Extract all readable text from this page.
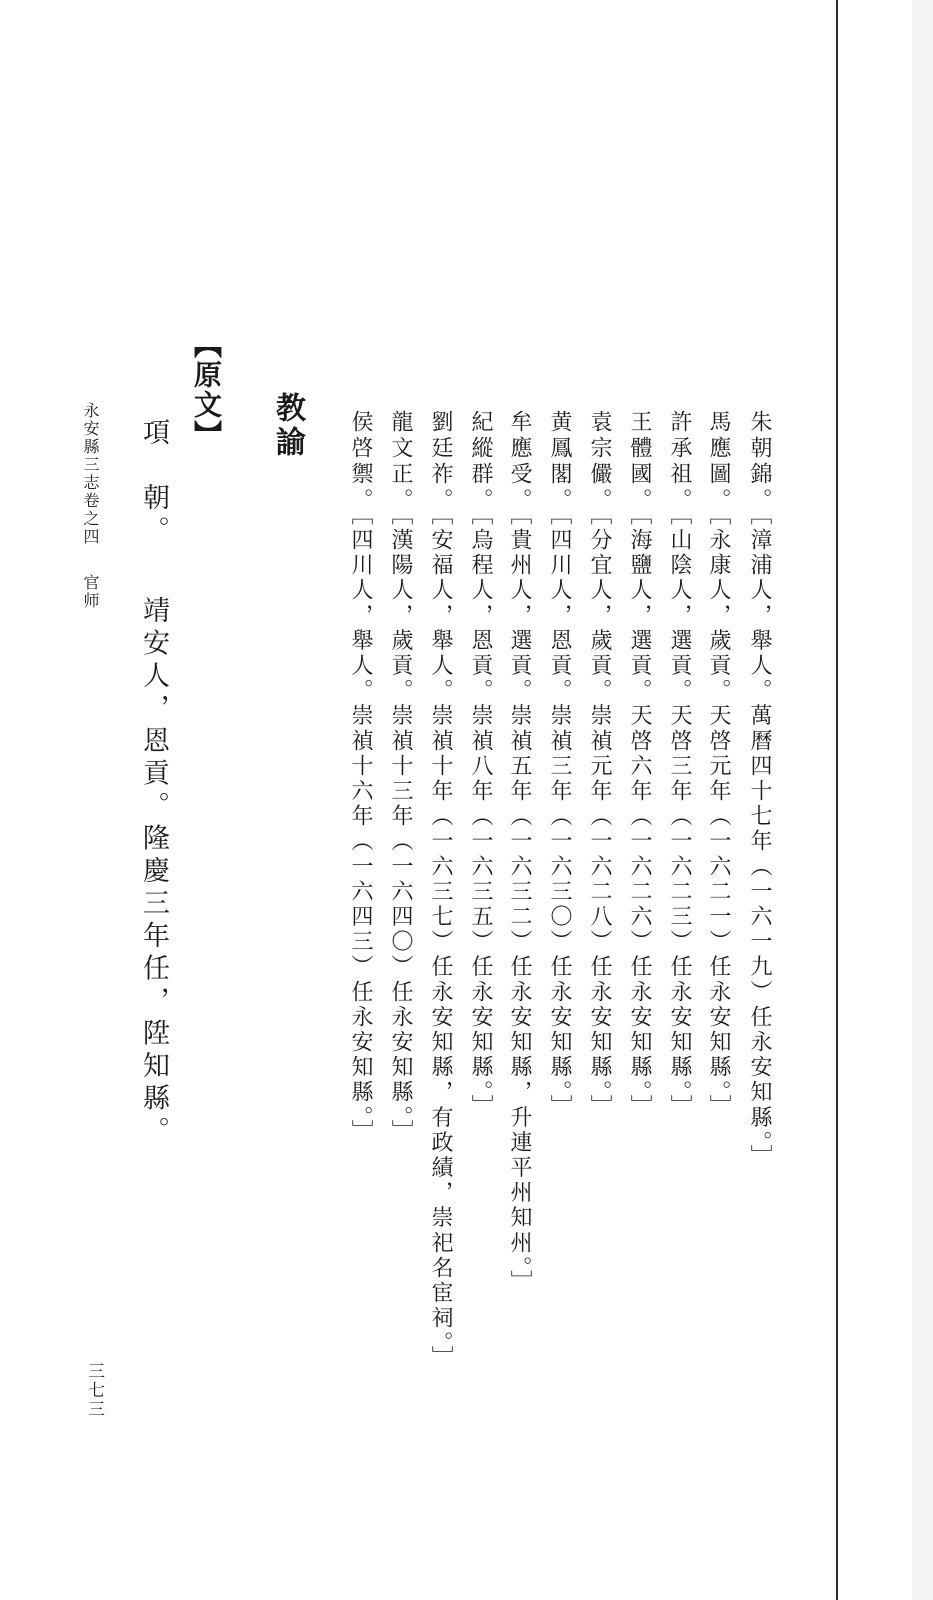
朱朝錦。［漳浦人，舉人。萬曆四十七年（一六一九）任永安知縣。］
馬應圖。［永康人，歲貢。天啓元年（一六二一）任永安知縣。］
許承祖。［山陰人，選貢。天啓三年（一六二三）任永安知縣。］
王體國。［海鹽人，選貢。天啓六年（一六二六）任永安知縣。］
袁宗儼。［分宜人，歲貢。崇禎元年（一六二八）任永安知縣。］
黄鳳閣。［四川人，恩貢。崇禎三年（一六三〇）任永安知縣。］
牟應受。［貴州人，選貢。崇禎五年（一六三二）任永安知縣，升連平州知州。］
紀縱群。［烏程人，恩貢。崇禎八年（一六三五）任永安知縣。］
劉廷祚。［安福人，舉人。崇禎十年（一六三七）任永安知縣，有政績，崇祀名宦祠。］
龍文正。［漢陽人，歲貢。崇禎十三年（一六四〇）任永安知縣。］
侯啓禦。［四川人，舉人。崇禎十六年（一六四三）任永安知縣。］
教諭
【原文】
項　朝。靖安人，恩貢。隆慶三年任，陞知縣。
永安縣三志卷之四官师
三七三
